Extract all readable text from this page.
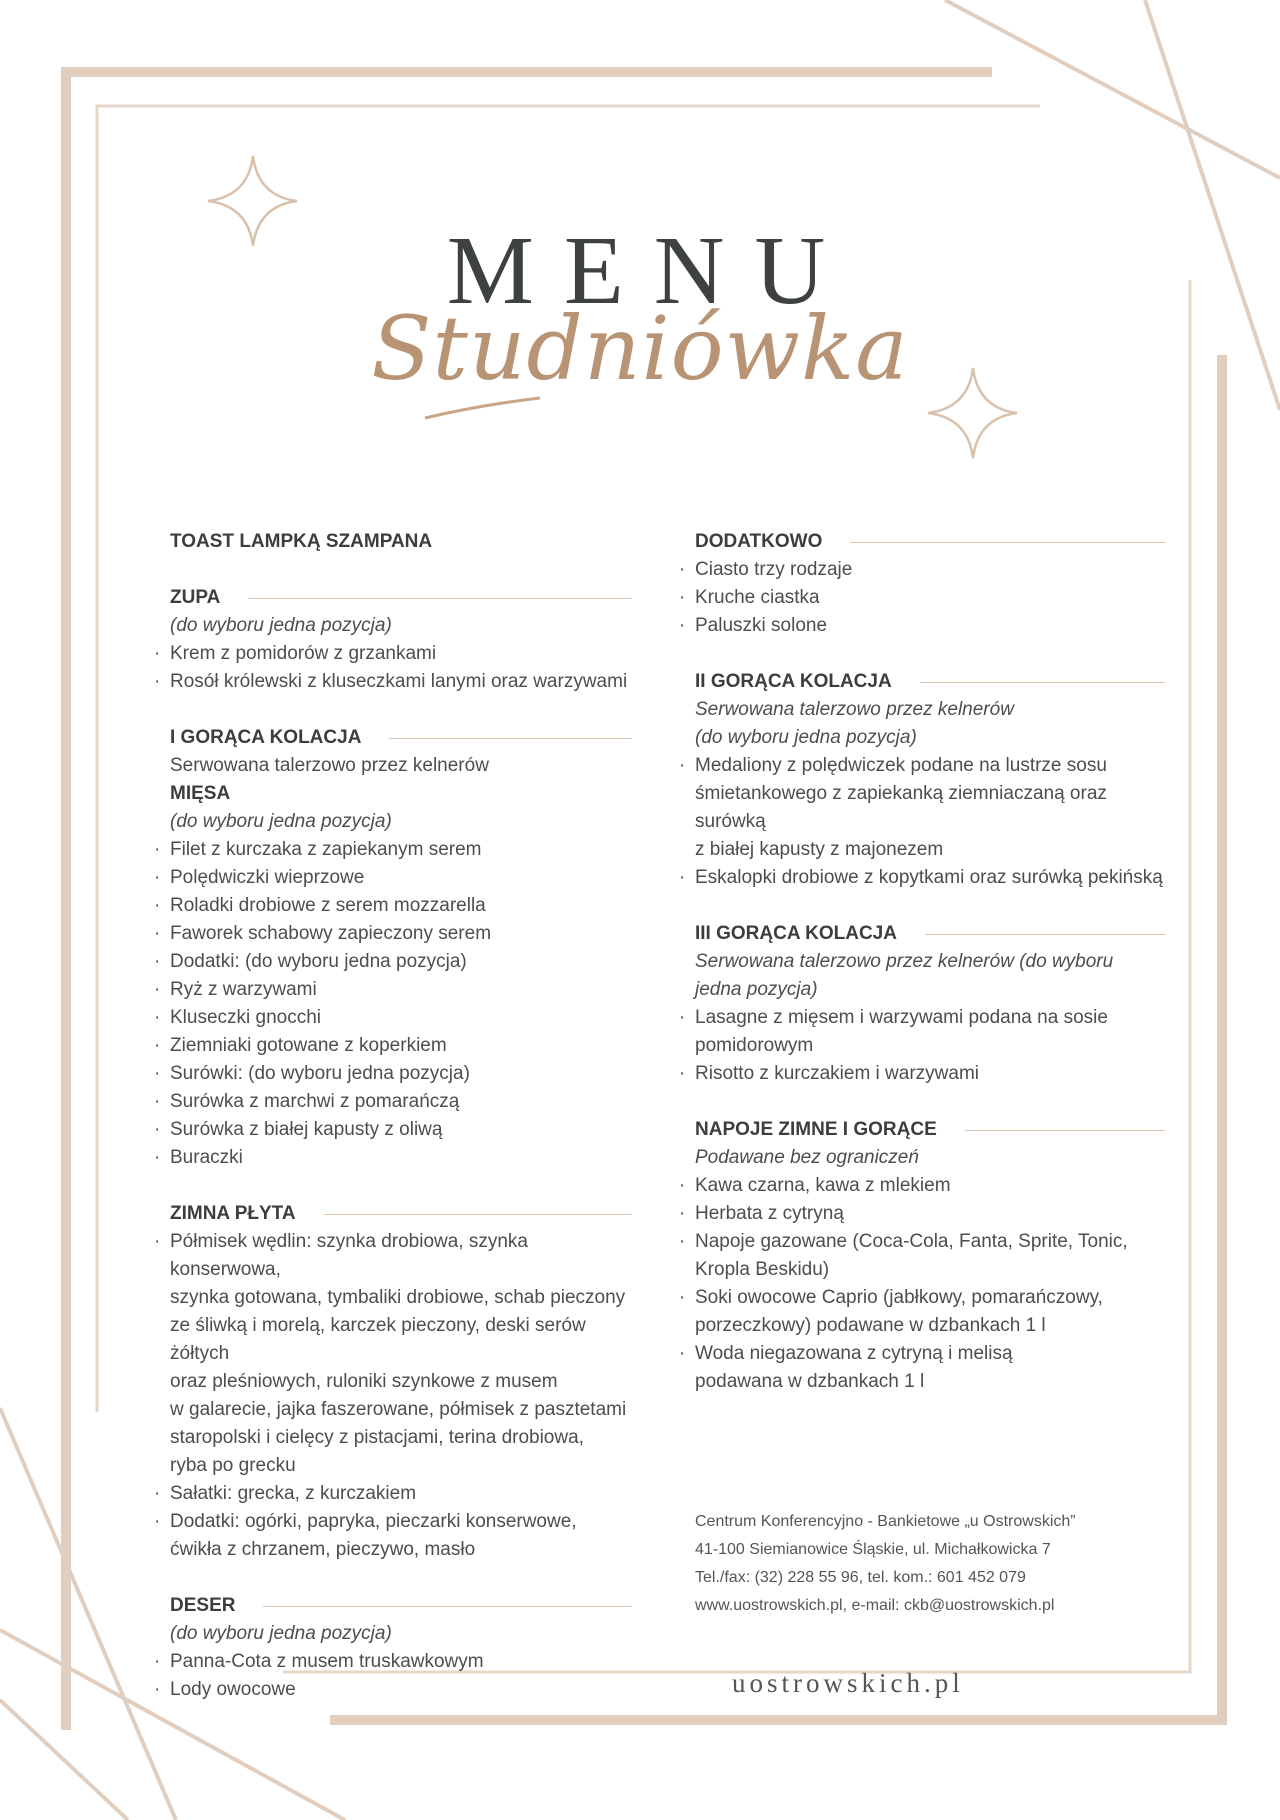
MENU
Studniówka
TOAST LAMPKĄ SZAMPANA
ZUPA
(do wyboru jedna pozycja)
· Krem z pomidorów z grzankami
· Rosół królewski z kluseczkami lanymi oraz warzywami
I GORĄCA KOLACJA
Serwowana talerzowo przez kelnerów
MIĘSA
(do wyboru jedna pozycja)
· Filet z kurczaka z zapiekanym serem
· Polędwiczki wieprzowe
· Roladki drobiowe z serem mozzarella
· Faworek schabowy zapieczony serem
· Dodatki: (do wyboru jedna pozycja)
· Ryż z warzywami
· Kluseczki gnocchi
· Ziemniaki gotowane z koperkiem
· Surówki: (do wyboru jedna pozycja)
· Surówka z marchwi z pomarańczą
· Surówka z białej kapusty z oliwą
· Buraczki
ZIMNA PŁYTA
· Półmisek wędlin: szynka drobiowa, szynka konserwowa,
szynka gotowana, tymbaliki drobiowe, schab pieczony
ze śliwką i morelą, karczek pieczony, deski serów żółtych
oraz pleśniowych, ruloniki szynkowe z musem
w galarecie, jajka faszerowane, półmisek z pasztetami
staropolski i cielęcy z pistacjami, terina drobiowa,
ryba po grecku
· Sałatki: grecka, z kurczakiem
· Dodatki: ogórki, papryka, pieczarki konserwowe,
ćwikła z chrzanem, pieczywo, masło
DESER
(do wyboru jedna pozycja)
· Panna-Cota z musem truskawkowym
· Lody owocowe
DODATKOWO
· Ciasto trzy rodzaje
· Kruche ciastka
· Paluszki solone
II GORĄCA KOLACJA
Serwowana talerzowo przez kelnerów
(do wyboru jedna pozycja)
· Medaliony z polędwiczek podane na lustrze sosu
śmietankowego z zapiekanką ziemniaczaną oraz surówką
z białej kapusty z majonezem
· Eskalopki drobiowe z kopytkami oraz surówką pekińską
III GORĄCA KOLACJA
Serwowana talerzowo przez kelnerów (do wyboru
jedna pozycja)
· Lasagne z mięsem i warzywami podana na sosie
pomidorowym
· Risotto z kurczakiem i warzywami
NAPOJE ZIMNE I GORĄCE
Podawane bez ograniczeń
· Kawa czarna, kawa z mlekiem
· Herbata z cytryną
· Napoje gazowane (Coca-Cola, Fanta, Sprite, Tonic,
Kropla Beskidu)
· Soki owocowe Caprio (jabłkowy, pomarańczowy,
porzeczkowy) podawane w dzbankach 1 l
· Woda niegazowana z cytryną i melisą
podawana w dzbankach 1 l
Centrum Konferencyjno - Bankietowe „u Ostrowskich”
41-100 Siemianowice Śląskie, ul. Michałkowicka 7
Tel./fax: (32) 228 55 96, tel. kom.: 601 452 079
www.uostrowskich.pl, e-mail: ckb@uostrowskich.pl
uostrowskich.pl
